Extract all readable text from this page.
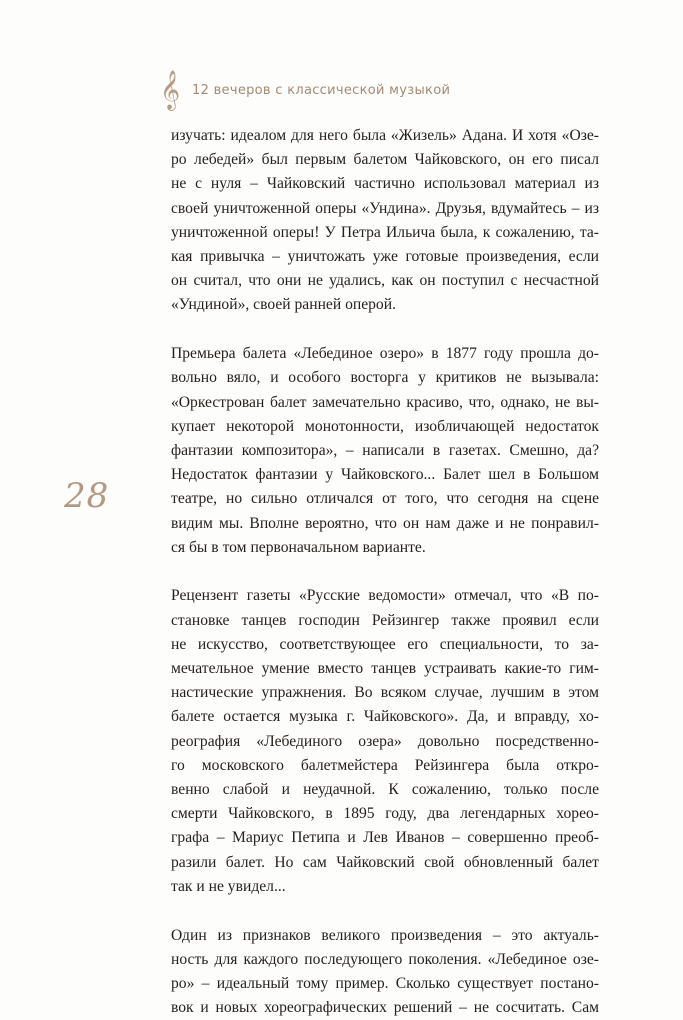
𝄞 12 вечеров с классической музыкой
28
изучать: идеалом для него была «Жизель» Адана. И хотя «Озе-
ро лебедей» был первым балетом Чайковского, он его писал
не с нуля – Чайковский частично использовал материал из
своей уничтоженной оперы «Ундина». Друзья, вдумайтесь – из
уничтоженной оперы! У Петра Ильича была, к сожалению, та-
кая привычка – уничтожать уже готовые произведения, если
он считал, что они не удались, как он поступил с несчастной
«Ундиной», своей ранней оперой.
Премьера балета «Лебединое озеро» в 1877 году прошла до-
вольно вяло, и особого восторга у критиков не вызывала:
«Оркестрован балет замечательно красиво, что, однако, не вы-
купает некоторой монотонности, изобличающей недостаток
фантазии композитора», – написали в газетах. Смешно, да?
Недостаток фантазии у Чайковского... Балет шел в Большом
театре, но сильно отличался от того, что сегодня на сцене
видим мы. Вполне вероятно, что он нам даже и не понравил-
ся бы в том первоначальном варианте.
Рецензент газеты «Русские ведомости» отмечал, что «В по-
становке танцев господин Рейзингер также проявил если
не искусство, соответствующее его специальности, то за-
мечательное умение вместо танцев устраивать какие-то гим-
настические упражнения. Во всяком случае, лучшим в этом
балете остается музыка г. Чайковского». Да, и вправду, хо-
реография «Лебединого озера» довольно посредственно-
го московского балетмейстера Рейзингера была откро-
венно слабой и неудачной. К сожалению, только после
смерти Чайковского, в 1895 году, два легендарных хорео-
графа – Мариус Петипа и Лев Иванов – совершенно преоб-
разили балет. Но сам Чайковский свой обновленный балет
так и не увидел...
Один из признаков великого произведения – это актуаль-
ность для каждого последующего поколения. «Лебединое озе-
ро» – идеальный тому пример. Сколько существует постано-
вок и новых хореографических решений – не сосчитать. Сам
